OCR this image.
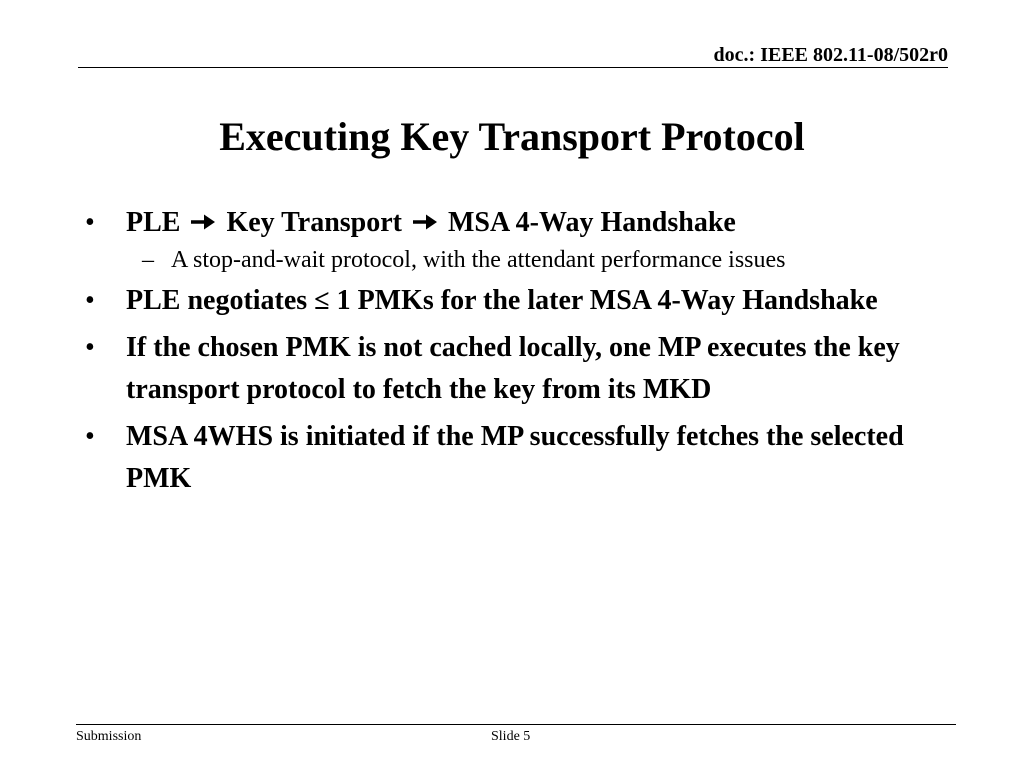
doc.: IEEE 802.11-08/502r0
Executing Key Transport Protocol
•	PLE Key Transport MSA 4-Way Handshake
– A stop-and-wait protocol, with the attendant performance issues
•	PLE negotiates ≤ 1 PMKs for the later MSA 4-Way Handshake
•	If the chosen PMK is not cached locally, one MP executes the key transport protocol to fetch the key from its MKD
•	MSA 4WHS is initiated if the MP successfully fetches the selected PMK
Submission	Slide 5
